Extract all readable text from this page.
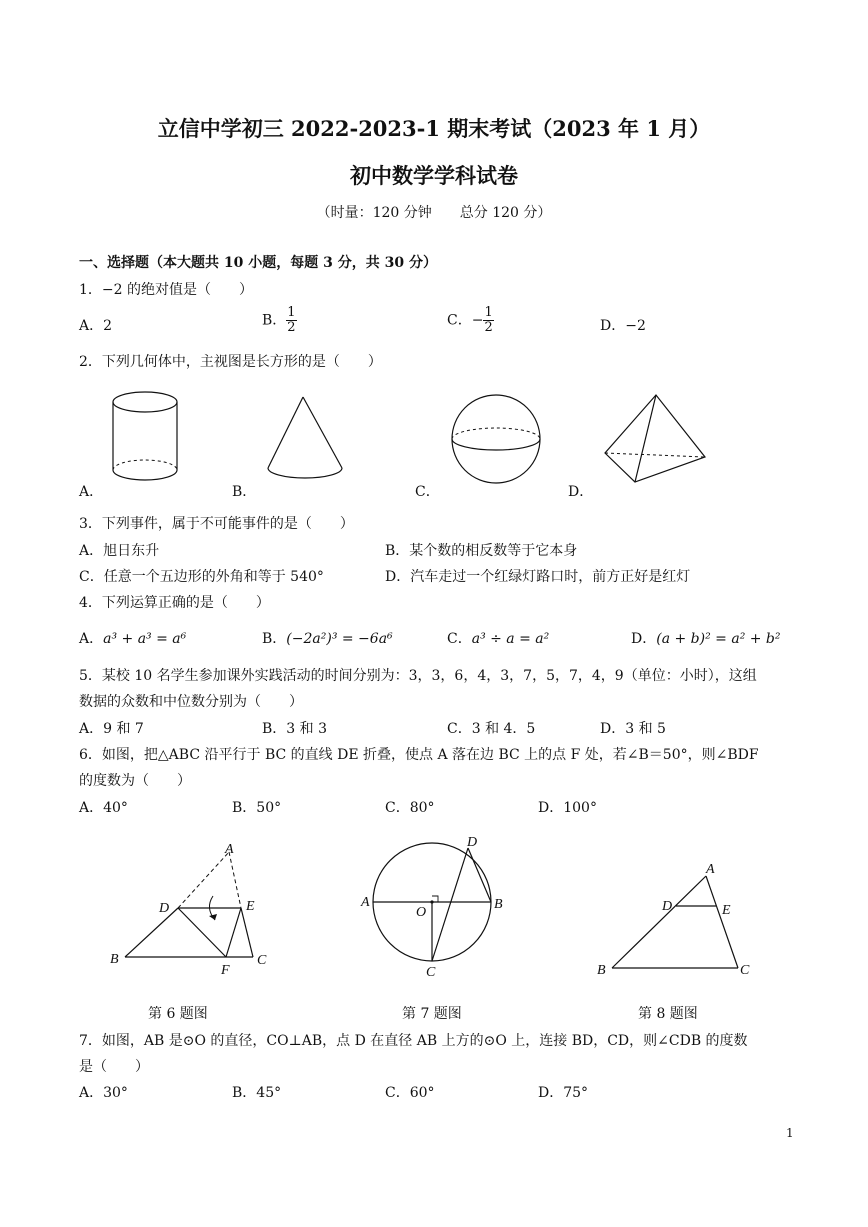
立信中学初三 2022-2023-1 期末考试（2023 年 1 月）
初中数学学科试卷
（时量：120 分钟　　总分 120 分）
一、选择题（本大题共 10 小题，每题 3 分，共 30 分）
1．−2 的绝对值是（　　）
A．2	B． $\frac{1}{2}$	C．− $\frac{1}{2}$	D．−2
2．下列几何体中，主视图是长方形的是（　　）
A．	B．	C．	D．
3．下列事件，属于不可能事件的是（　　）
A．旭日东升	B．某个数的相反数等于它本身
C．任意一个五边形的外角和等于 540°	D．汽车走过一个红绿灯路口时，前方正好是红灯
4．下列运算正确的是（　　）
A．a³ + a³ = a⁶	B．(−2a²)³ = −6a⁶	C．a³ ÷ a = a²	D．(a + b)² = a² + b²
5．某校 10 名学生参加课外实践活动的时间分别为：3，3，6，4，3，7，5，7，4，9（单位：小时），这组
数据的众数和中位数分别为（　　）
A．9 和 7	B．3 和 3	C．3 和 4．5	D．3 和 5
6．如图，把△ABC 沿平行于 BC 的直线 DE 折叠，使点 A 落在边 BC 上的点 F 处，若∠B＝50°，则∠BDF
的度数为（　　）
A．40°	B．50°	C．80°	D．100°
A
B	C
D	E
F
第 6 题图
A	B
C
D
O
第 7 题图
A
B	C
D	E
第 8 题图
7．如图，AB 是⊙O 的直径，CO⊥AB，点 D 在直径 AB 上方的⊙O 上，连接 BD，CD，则∠CDB 的度数
是（　　）
A．30°	B．45°	C．60°	D．75°
1
